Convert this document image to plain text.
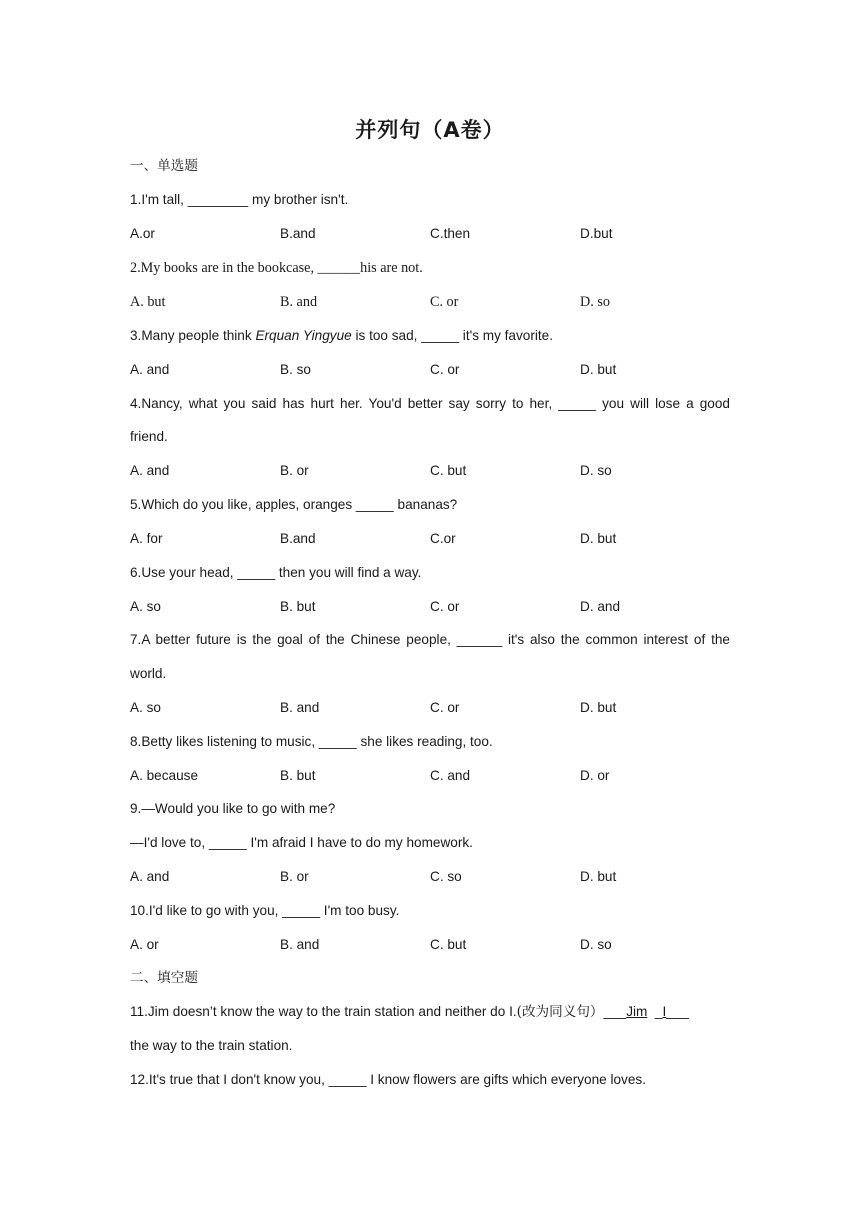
并列句（A卷）
一、单选题
1.I'm tall, ________ my brother isn't.
A.or	B.and	C.then	D.but
2.My books are in the bookcase, ______his are not.
A. but	B. and	C. or	D. so
3.Many people think Erquan Yingyue is too sad, _____ it's my favorite.
A. and	B. so	C. or	D. but
4.Nancy, what you said has hurt her. You'd better say sorry to her, _____ you will lose a good
friend.
A. and	B. or	C. but	D. so
5.Which do you like, apples, oranges _____ bananas?
A. for	B.and	C.or	D. but
6.Use your head, _____ then you will find a way.
A. so	B. but	C. or	D. and
7.A better future is the goal of the Chinese people, ______ it's also the common interest of the
world.
A. so	B. and	C. or	D. but
8.Betty likes listening to music, _____ she likes reading, too.
A. because	B. but	C. and	D. or
9.—Would you like to go with me?
—I'd love to, _____ I'm afraid I have to do my homework.
A. and	B. or	C. so	D. but
10.I'd like to go with you, _____ I'm too busy.
A. or	B. and	C. but	D. so
二、填空题
11.Jim doesn’t know the way to the train station and neither do I.(改为同义句）___Jim _I___
the way to the train station.
12.It's true that I don't know you, _____ I know flowers are gifts which everyone loves.
